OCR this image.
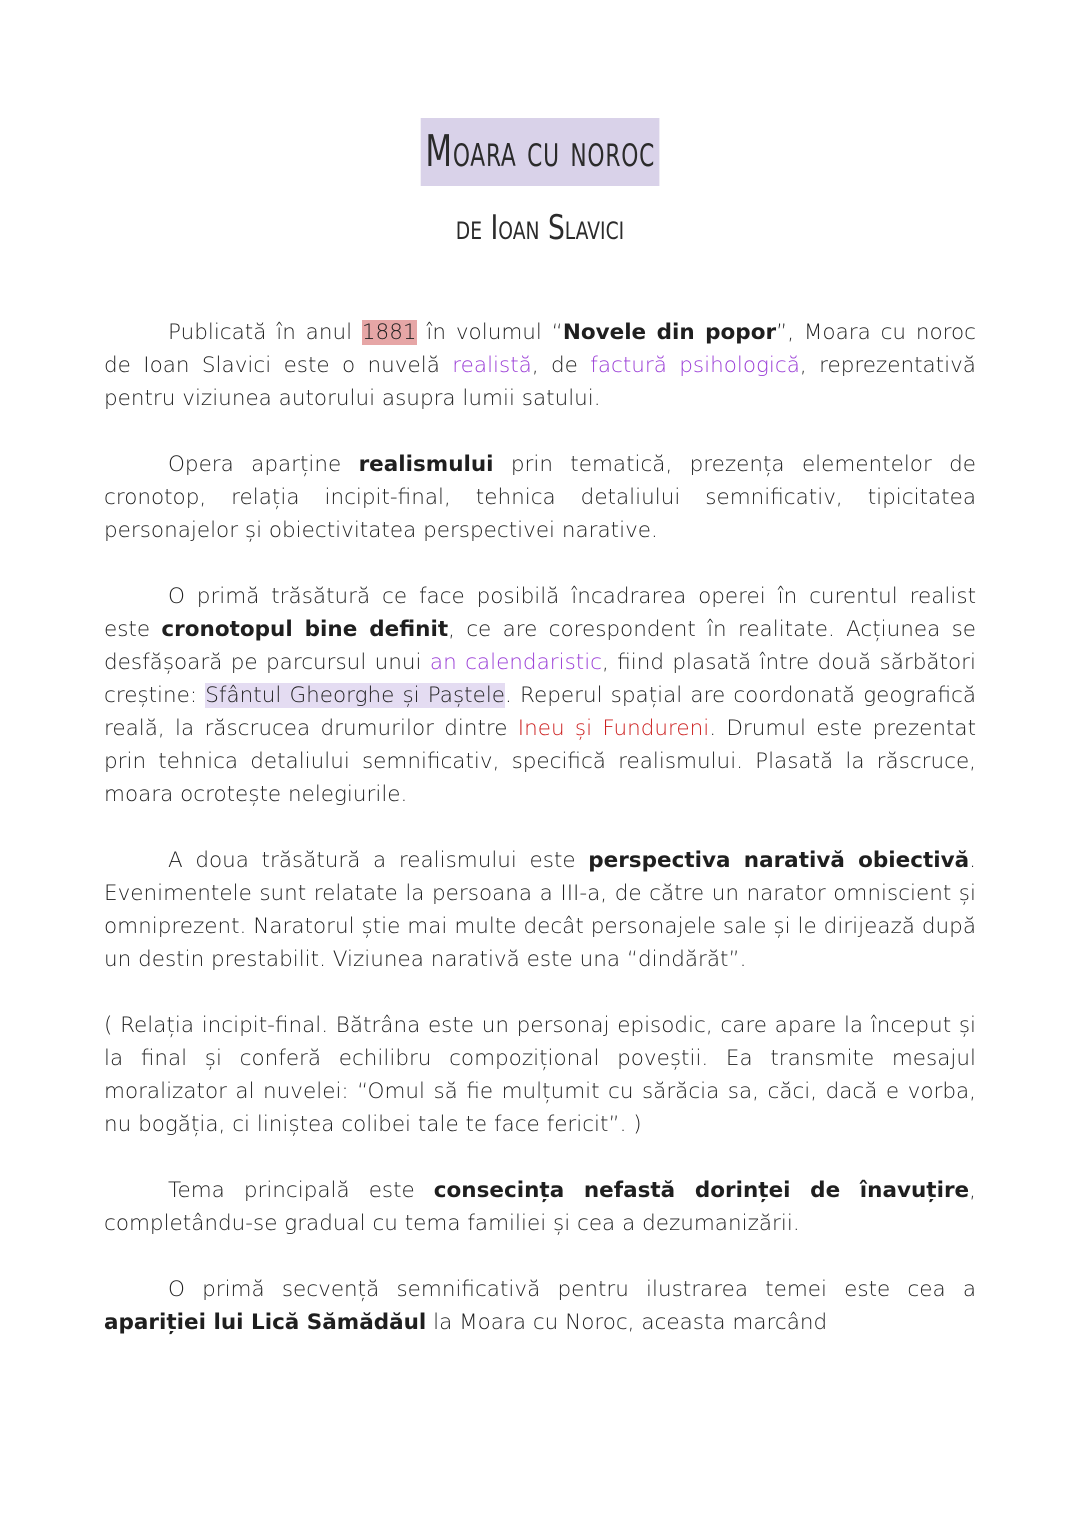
Moara cu noroc
de Ioan Slavici

Publicată în anul 1881 în volumul “Novele din popor”, Moara cu noroc de Ioan Slavici este o nuvelă realistă, de factură psihologică, reprezentativă pentru viziunea autorului asupra lumii satului.

Opera aparține realismului prin tematică, prezența elementelor de cronotop, relația incipit-final, tehnica detaliului semnificativ, tipicitatea personajelor și obiectivitatea perspectivei narative.

O primă trăsătură ce face posibilă încadrarea operei în curentul realist este cronotopul bine definit, ce are corespondent în realitate. Acțiunea se desfășoară pe parcursul unui an calendaristic, fiind plasată între două sărbători creștine: Sfântul Gheorghe și Paștele. Reperul spațial are coordonată geografică reală, la răscrucea drumurilor dintre Ineu și Fundureni. Drumul este prezentat prin tehnica detaliului semnificativ, specifică realismului. Plasată la răscruce, moara ocrotește nelegiurile.

A doua trăsătură a realismului este perspectiva narativă obiectivă. Evenimentele sunt relatate la persoana a III-a, de către un narator omniscient și omniprezent. Naratorul știe mai multe decât personajele sale și le dirijează după un destin prestabilit. Viziunea narativă este una “dindărăt”.

( Relația incipit-final. Bătrâna este un personaj episodic, care apare la început și la final și conferă echilibru compozițional poveștii. Ea transmite mesajul moralizator al nuvelei: “Omul să fie mulțumit cu sărăcia sa, căci, dacă e vorba, nu bogăția, ci liniștea colibei tale te face fericit”. )

Tema principală este consecința nefastă dorinței de înavuțire, completându-se gradual cu tema familiei și cea a dezumanizării.

O primă secvență semnificativă pentru ilustrarea temei este cea a apariției lui Lică Sămădăul la Moara cu Noroc, aceasta marcând
